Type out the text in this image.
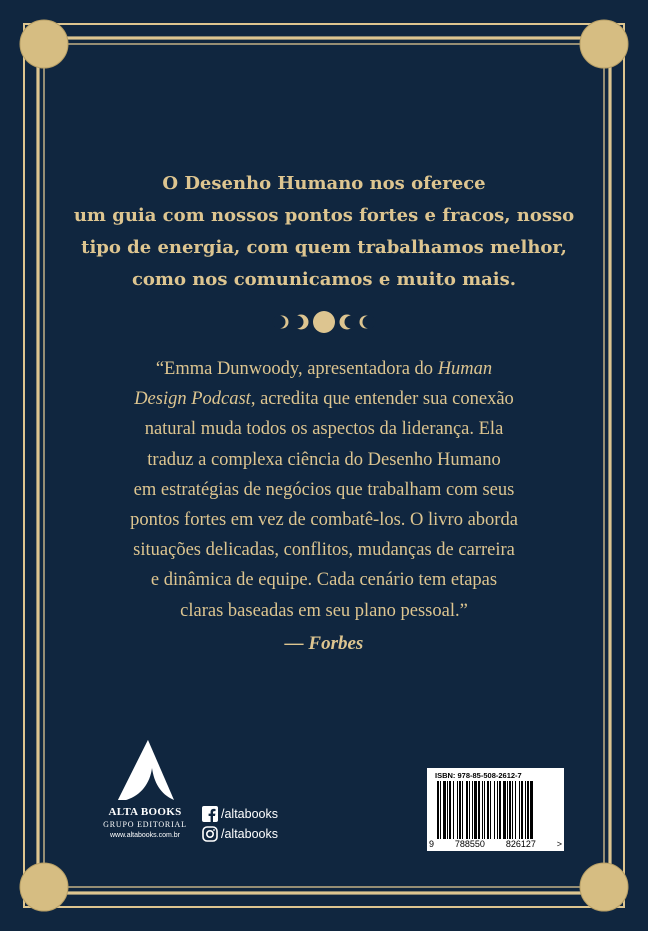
O Desenho Humano nos oferece
um guia com nossos pontos fortes e fracos, nosso
tipo de energia, com quem trabalhamos melhor,
como nos comunicamos e muito mais.
“Emma Dunwoody, apresentadora do Human
Design Podcast, acredita que entender sua conexão
natural muda todos os aspectos da liderança. Ela
traduz a complexa ciência do Desenho Humano
em estratégias de negócios que trabalham com seus
pontos fortes em vez de combatê-los. O livro aborda
situações delicadas, conflitos, mudanças de carreira
e dinâmica de equipe. Cada cenário tem etapas
claras baseadas em seu plano pessoal.”
— Forbes
ALTA BOOKS
GRUPO EDITORIAL
www.altabooks.com.br
/altabooks
/altabooks
ISBN: 978-85-508-2612-7
9 788550 826127 >
